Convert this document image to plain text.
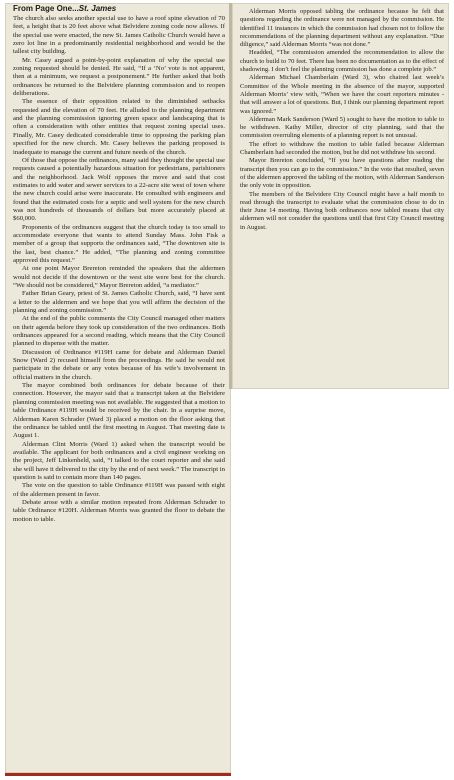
From Page One...St. James

The church also seeks another special use to have a roof spine elevation of 70 feet, a height that is 20 feet above what Belvidere zoning code now allows. If the special use were enacted, the new St. James Catholic Church would have a zero lot line in a predominantly residential neighborhood and would be the tallest city building.

Mr. Casey argued a point-by-point explanation of why the special use zoning requested should be denied. He said, “If a ‘No’ vote is not apparent, then at a minimum, we request a postponement.” He further asked that both ordinances be returned to the Belvidere planning commission and to reopen deliberations.

The essence of their opposition related to the diminished setbacks requested and the elevation of 70 feet. He alluded to the planning department and the planning commission ignoring green space and landscaping that is often a consideration with other entities that request zoning special uses. Finally, Mr. Casey dedicated considerable time to opposing the parking plan specified for the new church. Mr. Casey believes the parking proposed is inadequate to manage the current and future needs of the church.

Of those that oppose the ordinances, many said they thought the special use requests caused a potentially hazardous situation for pedestrians, parishioners and the neighborhood. Jack Wolf opposes the move and said that cost estimates to add water and sewer services to a 22-acre site west of town where the new church could arise were inaccurate. He consulted with engineers and found that the estimated costs for a septic and well system for the new church was not hundreds of thousands of dollars but more accurately placed at $60,000.

Proponents of the ordinances suggest that the church today is too small to accommodate everyone that wants to attend Sunday Mass. John Fisk a member of a group that supports the ordinances said, “The downtown site is the last, best chance.” He added, “The planning and zoning committee approved this request.”

At one point Mayor Brereton reminded the speakers that the aldermen would not decide if the downtown or the west site were best for the church. “We should not be considered,” Mayor Brereton added, “a mediator.”

Father Brian Geary, priest of St. James Catholic Church, said, “I have sent a letter to the aldermen and we hope that you will affirm the decision of the planning and zoning commission.”

At the end of the public comments the City Council managed other matters on their agenda before they took up consideration of the two ordinances. Both ordinances appeared for a second reading, which means that the City Council planned to dispense with the matter.

Discussion of Ordinance #119H came for debate and Alderman Daniel Snow (Ward 2) recused himself from the proceedings. He said he would not participate in the debate or any votes because of his wife’s involvement in official matters in the church.

The mayor combined both ordinances for debate because of their connection. However, the mayor said that a transcript taken at the Belvidere planning commission meeting was not available. He suggested that a motion to table Ordinance #119H would be received by the chair. In a surprise move, Alderman Karen Schrader (Ward 3) placed a motion on the floor asking that the ordinance be tabled until the first meeting in August. That meeting date is August 1.

Alderman Clint Morris (Ward 1) asked when the transcript would be available. The applicant for both ordinances and a civil engineer working on the project, Jeff Linkenheld, said, “I talked to the court reporter and she said she will have it delivered to the city by the end of next week.” The transcript in question is said to contain more than 140 pages.

The vote on the question to table Ordinance #119H was passed with eight of the aldermen present in favor.

Debate arose with a similar motion repeated from Alderman Schrader to table Ordinance #120H. Alderman Morris was granted the floor to debate the motion to table.

Alderman Morris opposed tabling the ordinance because he felt that questions regarding the ordinance were not managed by the commission. He identified 11 instances in which the commission had chosen not to follow the recommendations of the planning department without any explanation. “Due diligence,” said Alderman Morris “was not done.”

Headded, “The commission amended the recommendation to allow the church to build to 70 feet. There has been no documentation as to the effect of shadowing. I don’t feel the planning commission has done a complete job.”

Alderman Michael Chamberlain (Ward 3), who chaired last week’s Committee of the Whole meeting in the absence of the mayor, supported Alderman Morris’ view with, “When we have the court reporters minutes - that will answer a lot of questions. But, I think our planning department report was ignored.”

Alderman Mark Sanderson (Ward 5) sought to have the motion to table to be withdrawn. Kathy Miller, director of city planning, said that the commission overruling elements of a planning report is not unusual.

The effort to withdraw the motion to table failed because Alderman Chamberlain had seconded the motion, but he did not withdraw his second.

Mayor Brereton concluded, “If you have questions after reading the transcript then you can go to the commission.” In the vote that resulted, seven of the aldermen approved the tabling of the motion, with Alderman Sanderson the only vote in opposition.

The members of the Belvidere City Council might have a half month to read through the transcript to evaluate what the commission chose to do in their June 14 meeting. Having both ordinances now tabled means that city aldermen will not consider the questions until that first City Council meeting in August.
